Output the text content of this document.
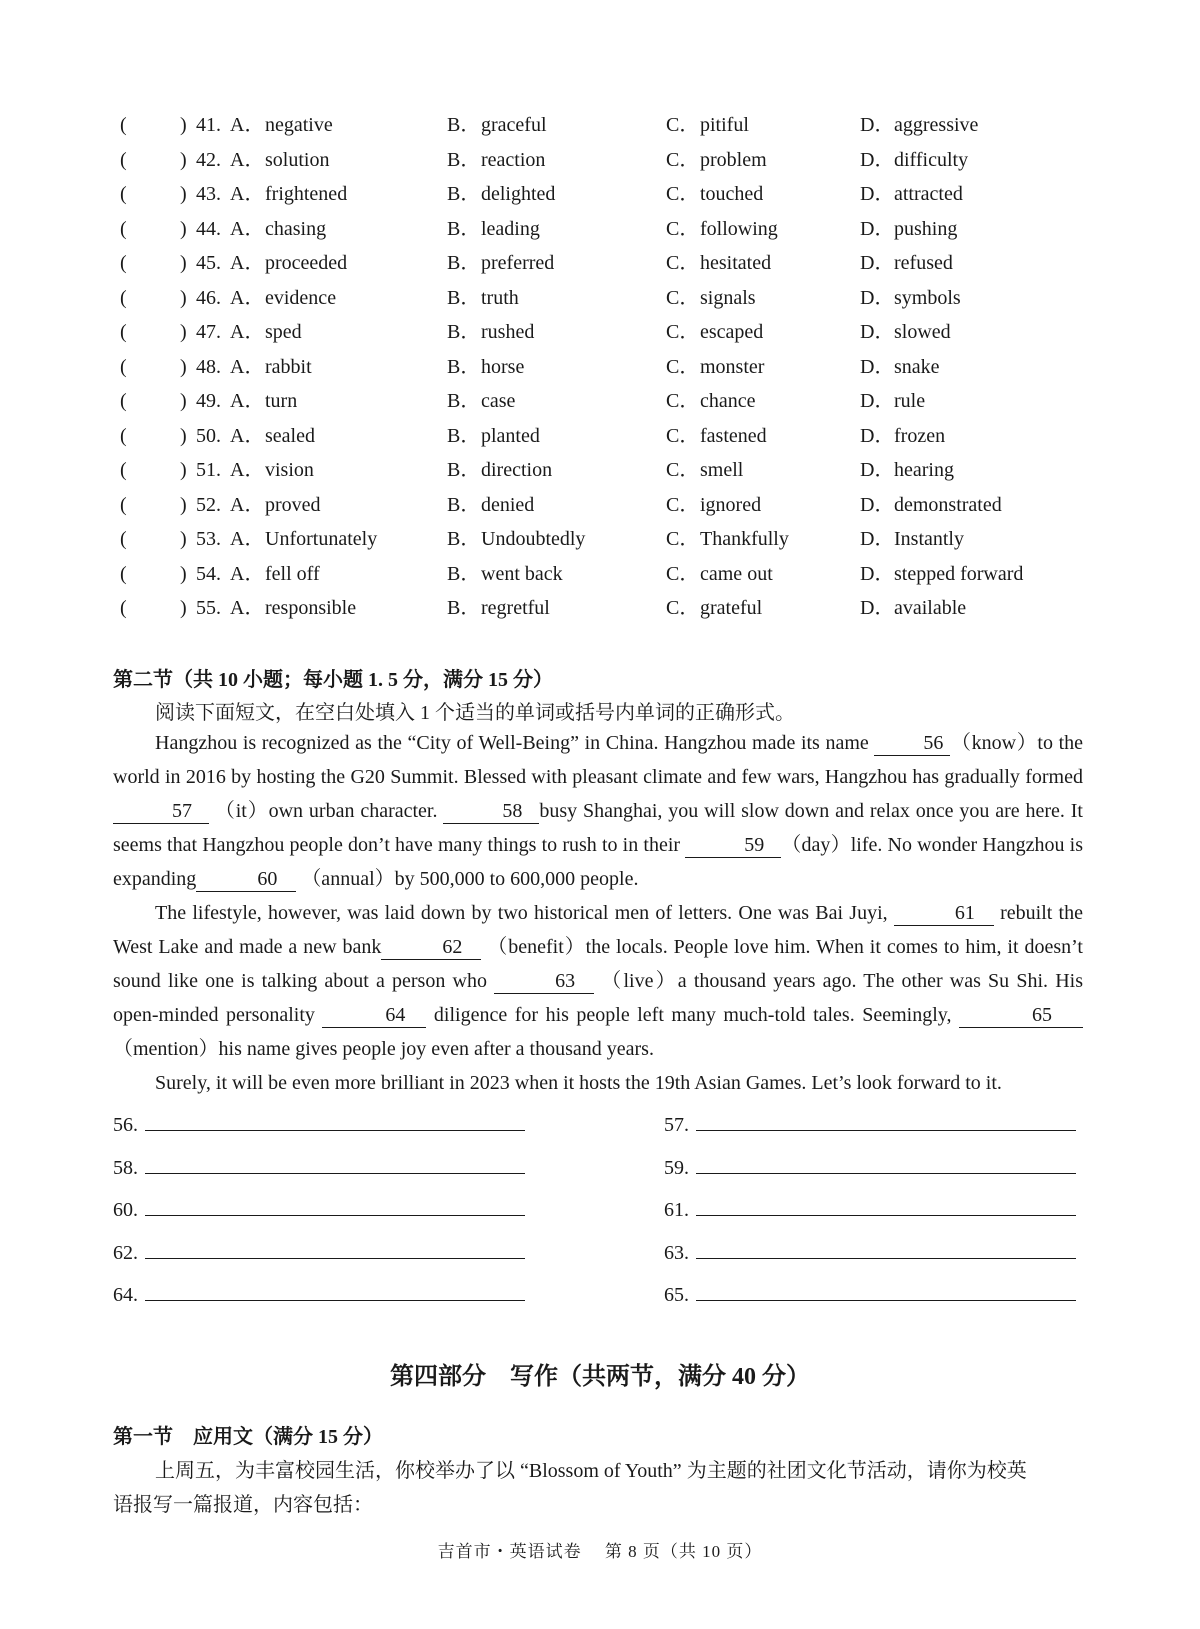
(	) 41. A． negative	B． graceful	C． pitiful	D． aggressive
(	) 42. A． solution	B． reaction	C． problem	D． difficulty
(	) 43. A． frightened	B． delighted	C． touched	D． attracted
(	) 44. A． chasing	B． leading	C． following	D． pushing
(	) 45. A． proceeded	B． preferred	C． hesitated	D． refused
(	) 46. A． evidence	B． truth	C． signals	D． symbols
(	) 47. A． sped	B． rushed	C． escaped	D． slowed
(	) 48. A． rabbit	B． horse	C． monster	D． snake
(	) 49. A． turn	B． case	C． chance	D． rule
(	) 50. A． sealed	B． planted	C． fastened	D． frozen
(	) 51. A． vision	B． direction	C． smell	D． hearing
(	) 52. A． proved	B． denied	C． ignored	D． demonstrated
(	) 53. A． Unfortunately	B． Undoubtedly	C． Thankfully	D． Instantly
(	) 54. A． fell off	B． went back	C． came out	D． stepped forward
(	) 55. A． responsible	B． regretful	C． grateful	D． available
第二节（共 10 小题；每小题 1. 5 分，满分 15 分）
阅读下面短文，在空白处填入 1 个适当的单词或括号内单词的正确形式。

Hangzhou is recognized as the “City of Well-Being” in China. Hangzhou made its name 56 （know）to the world in 2016 by hosting the G20 Summit. Blessed with pleasant climate and few wars, Hangzhou has gradually formed 57 （it）own urban character.	58 busy Shanghai, you will slow down and relax once you are here. It seems that Hangzhou people don’t have many things to rush to in their	59 （day）life. No wonder Hangzhou is expanding	60 （annual）by 500,000 to 600,000 people.

The lifestyle, however, was laid down by two historical men of letters. One was Bai Juyi,	61 rebuilt the West Lake and made a new bank	62 （benefit）the locals. People love him. When it comes to him, it doesn’t sound like one is talking about a person who	63 （live）a thousand years ago. The other was Su Shi. His open-minded personality	64 diligence for his people left many much-told tales. Seemingly,	65 （mention）his name gives people joy even after a thousand years.

Surely, it will be even more brilliant in 2023 when it hosts the 19th Asian Games. Let’s look forward to it.

56.	57.
58.	59.
60.	61.
62.	63.
64.	65.
第四部分　写作（共两节，满分 40 分）
第一节　应用文（满分 15 分）
上周五，为丰富校园生活，你校举办了以 “Blossom of Youth” 为主题的社团文化节活动，请你为校英
语报写一篇报道，内容包括：
吉首市・英语试卷　 第 8 页（共 10 页）
